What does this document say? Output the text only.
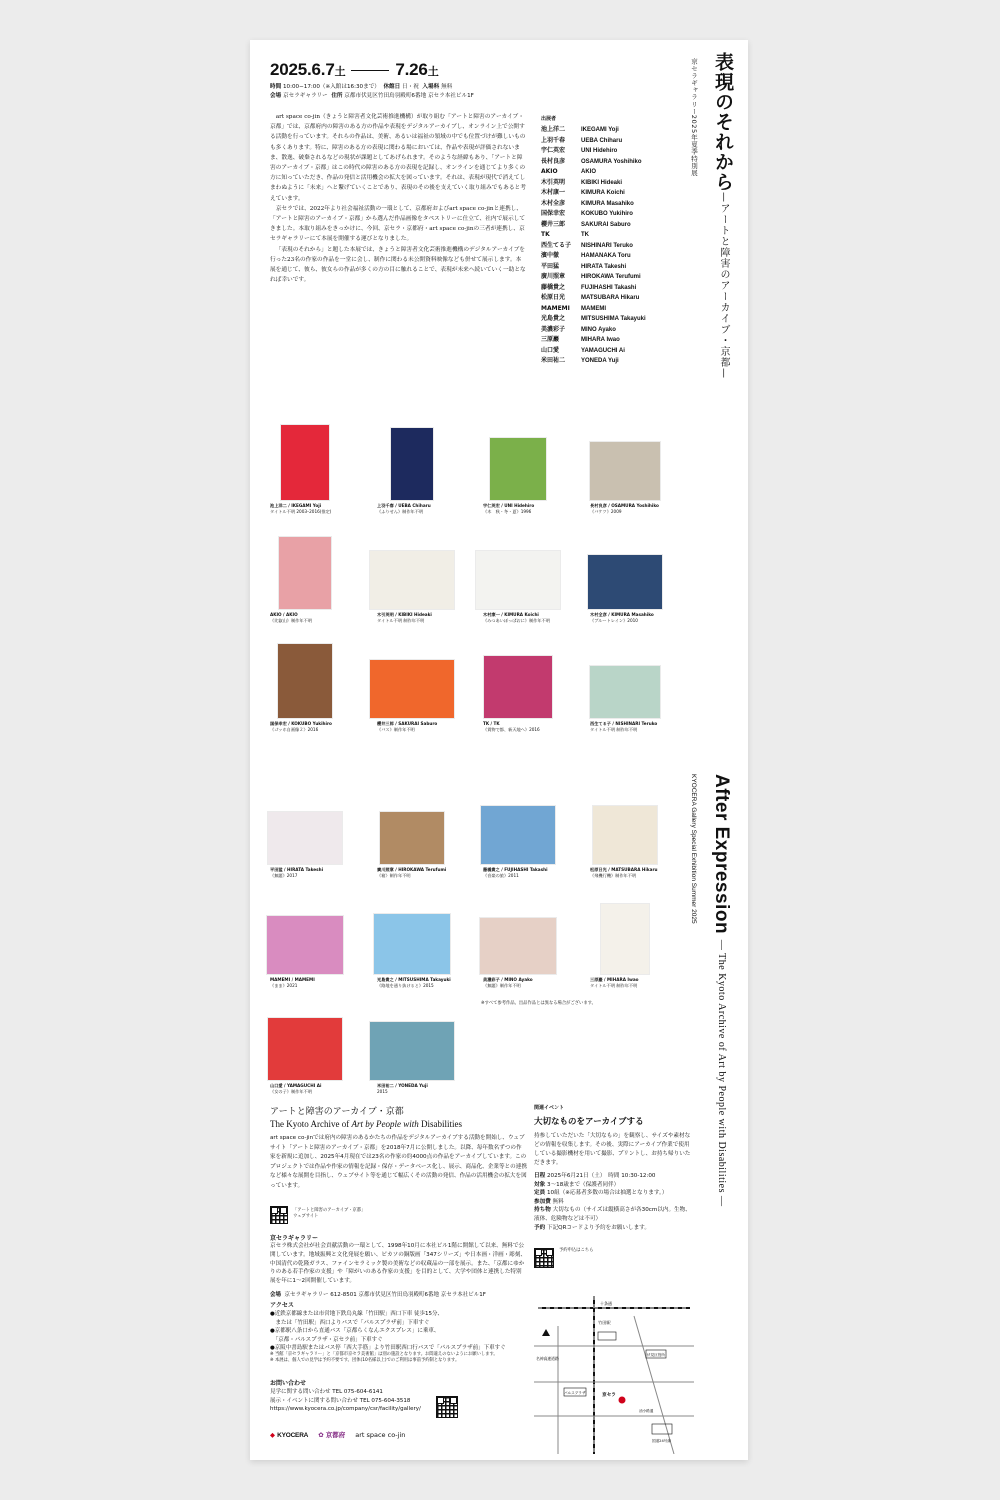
2025.6.7土	7.26土
時間 10:00−17:00（※入館は16:30まで） 休館日 日・祝 入場料 無料
会場 京セラギャラリー 住所 京都市伏見区竹田鳥羽殿町6番地 京セラ本社ビル1F

art space co-jin（きょうと障害者文化芸術推進機構）が取り組む「アートと障害のアーカイブ・京都」では、京都府内の障害のある方の作品や表現をデジタルアーカイブし、オンライン上で公開する活動を行っています。それらの作品は、美術、あるいは福祉の領域の中でも位置づけが難しいものも多くあります。特に、障害のある方の表現に関わる場においては、作品や表現が評価されないまま、散逸、破棄されるなどの現状が課題としてあげられます。そのような経緯もあり、「アートと障害のアーカイブ・京都」はこの時代の障害のある方の表現を記録し、オンラインを通じてより多くの方に知っていただき、作品の発信と活用機会の拡大を図っています。それは、表現が現代で消えてしまわぬように「未来」へと繋げていくことであり、表現のその後を支えていく取り組みでもあると考えています。

京セラでは、2022年より社会福祉活動の一環として、京都府およびart space co-jinと連携し、「アートと障害のアーカイブ・京都」から選んだ作品画像をタペストリーに仕立て、社内で展示してきました。本取り組みをきっかけに、今回、京セラ・京都府・art space co-jinの三者が連携し、京セラギャラリーにて本展を開催する運びとなりました。

「表現のそれから」と題した本展では、きょうと障害者文化芸術推進機構のデジタルアーカイブを行った23名の作家の作品を一堂に会し、制作に関わる未公開資料映像なども併せて展示します。本展を通じて、彼ら、彼女らの作品が多くの方の目に触れることで、表現が未来へ続いていく一助となれば幸いです。

出展者
池上洋二	IKEGAMI Yoji
上羽千春	UEBA Chiharu
宇仁英宏	UNI Hidehiro
長村良彦	OSAMURA Yoshihiko
AKIO	AKIO
木引英明	KIBIKI Hideaki
木村康一	KIMURA Koichi
木村全彦	KIMURA Masahiko
国保幸宏	KOKUBO Yukihiro
櫻井三郎	SAKURAI Saburo
TK	TK
西生てる子	NISHINARI Teruko
濱中徹	HAMANAKA Toru
平田猛	HIRATA Takeshi
廣川照章	HIROKAWA Terufumi
藤橋貴之	FUJIHASHI Takashi
松原日光	MATSUBARA Hikaru
MAMEMI	MAMEMI
光島貴之	MITSUSHIMA Takayuki
美濃彩子	MINO Ayako
三原巖	MIHARA Iwao
山口愛	YAMAGUCHI Ai
米田祐二	YONEDA Yuji
表現のそれから—アートと障害のアーカイブ・京都—
京セラギャラリー2025年夏季特別展
After Expression — The Kyoto Archive of Art by People with Disabilities —
KYOCERA Gallery Special Exhibition Summer 2025
池上洋二 / IKEGAMI Yoji
タイトル不明 2003–2016(推定)
上羽千春 / UEBA Chiharu
《ふりせん》制作年不明
宇仁英宏 / UNI Hidehiro
《木　秋・冬・夏》1996
長村良彦 / OSAMURA Yoshihiko
《バケツ》2009
AKIO / AKIO
《比叡山》制作年不明
木引英明 / KIBIKI Hideaki
タイトル不明 制作年不明
木村康一 / KIMURA Koichi
《みつあいぼっぱおに》制作年不明
木村全彦 / KIMURA Masahiko
《ブルートレイン》2010
国保幸宏 / KOKUBO Yukihiro
《ゴッホ自画像２》2016
櫻井三郎 / SAKURAI Saburo
《バス》制作年不明
TK / TK
《貨物で都、新天地へ》2016
西生てる子 / NISHINARI Teruko
タイトル不明 制作年不明
平田猛 / HIRATA Takeshi
《無題》2017
廣川照章 / HIROKAWA Terufumi
《箱》制作年不明
藤橋貴之 / FUJIHASHI Takashi
《音楽の旅》2011
松原日光 / MATSUBARA Hikaru
《飛機行機》制作年不明
MAMEMI / MAMEMI
《まま》2021
光島貴之 / MITSUSHIMA Takayuki
《路地を通り抜けると》2015
美濃彩子 / MINO Ayako
《無題》制作年不明
三原巖 / MIHARA Iwao
タイトル不明 制作年不明
山口愛 / YAMAGUCHI Ai
《女の子》制作年不明
米田祐二 / YONEDA Yuji
2015
※すべて参考作品。出品作品とは異なる場合がございます。
アートと障害のアーカイブ・京都
The Kyoto Archive of Art by People with Disabilities
art space co-jinでは府内の障害のあるかたちの作品をデジタルアーカイブする活動を開始し、ウェブサイト「アートと障害のアーカイブ・京都」を2018年7月に公開しました。以降、毎年数名ずつの作家を新規に追加し、2025年4月現在では23名の作家の約4000点の作品をアーカイブしています。このプロジェクトでは作品や作家の情報を記録・保存・データベース化し、展示、商品化、企業等との連携など様々な展開を目指し、ウェブサイト等を通じて幅広くその活動の発信、作品の活用機会の拡大を図っています。
「アートと障害のアーカイブ・京都」
ウェブサイト
京セラギャラリー
京セラ株式会社が社会貢献活動の一環として、1998年10月に本社ビル1階に開館して以来、無料で公開しています。地域振興と文化発展を願い、ピカソの銅版画「347シリーズ」や日本画・洋画・彫刻、中国清代の乾隆ガラス、ファインセラミック製の美術などの収蔵品の一部を展示。また、「京都にゆかりのある若手作家の支援」や「障がいのある作家の支援」を目的として、大学や団体と連携した特別展を年に1〜2回開催しています。
会場 京セラギャラリー 612-8501 京都市伏見区竹田鳥羽殿町6番地 京セラ本社ビル1F
アクセス
●近鉄京都線または市営地下鉄烏丸線「竹田駅」西口下車 徒歩15分、
　または「竹田駅」西口よりバスで「パルスプラザ前」下車すぐ
●京都駅八条口から直通バス「京都らくなんエクスプレス」に乗車、
　「京都・パルスプラザ・京セラ前」下車すぐ
●京阪中書島駅またはバス停「西大手筋」より竹田駅西口行バスで「パルスプラザ前」下車すぐ
※ 当館「京セラギャラリー」と「京都市京セラ美術館」は別の施設となります。お間違えのないようにお願いします。
※ 本展は、個人での見学は予約不要です。団体(10名様以上)でのご利用は事前予約制となります。
お問い合わせ
見学に関する問い合わせ TEL 075-604-6141
展示・イベントに関する問い合わせ TEL 075-604-3518
https://www.kyocera.co.jp/company/csr/facility/gallery/
◆ KYOCERA ✿ 京都府 art space co-jin
関連イベント
大切なものをアーカイブする
持参していただいた「大切なもの」を観察し、サイズや素材などの情報を収集します。その後、実際にアーカイブ作業で使用している撮影機材を用いて撮影、プリントし、お持ち帰りいただきます。
日程 2025年6月21日（土）　時間 10:30-12:00
対象 3〜18歳まで（保護者同伴）
定員 10組（※応募者多数の場合は抽選となります。）
参加費 無料
持ち物 大切なもの（サイズは縦横高さが各30cm以内。生物、液体、危険物などは不可）
予約 下記QRコードより予約をお願いします。
予約申込はこちら
十条通
竹田駅
京セラ
名神高速道路
パルスプラザ
伏見区役所
油小路通
国道24号線
